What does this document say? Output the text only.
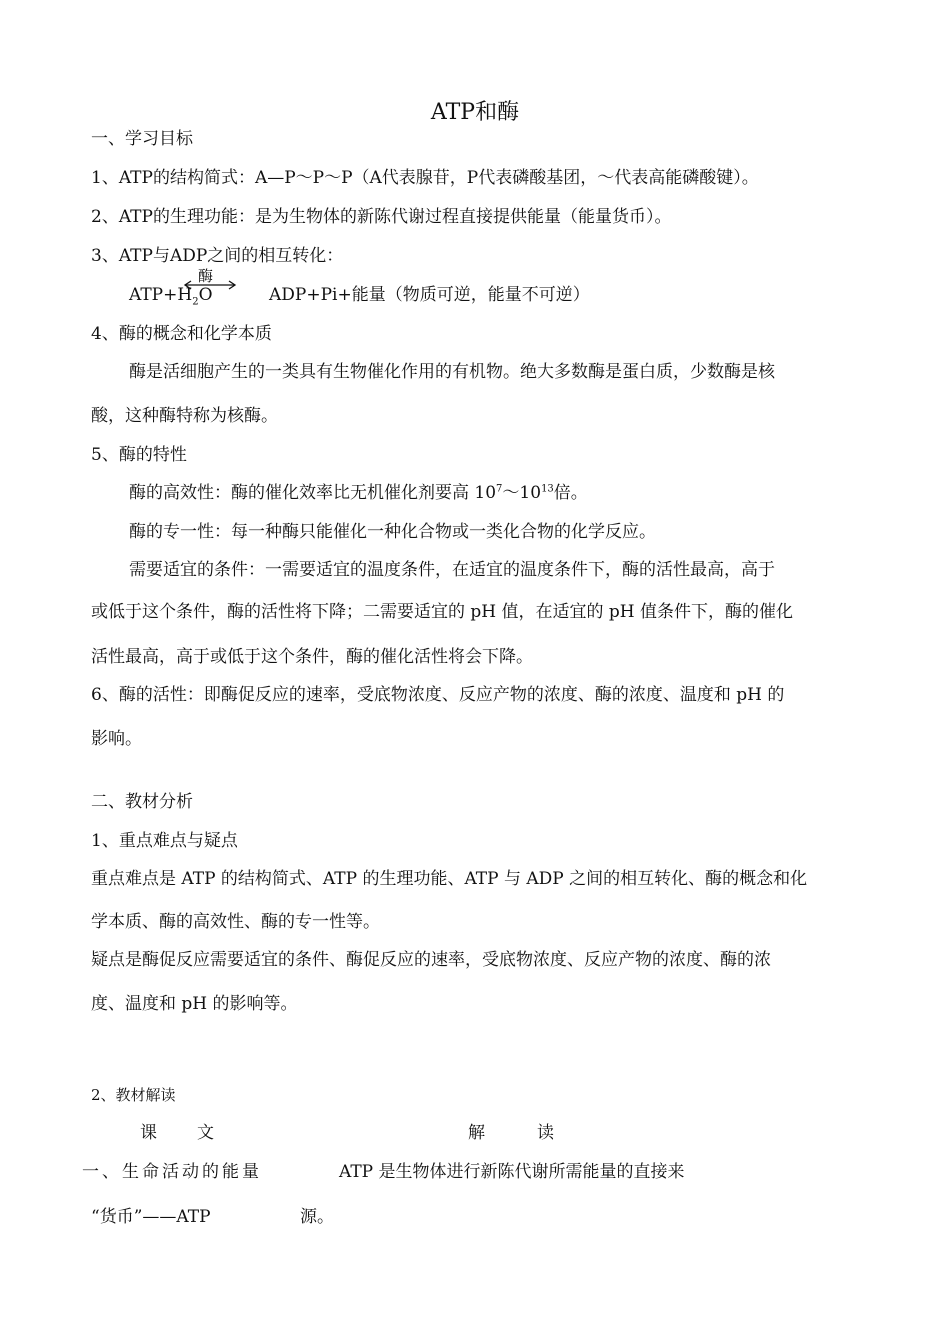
ATP和酶

一、学习目标

1、ATP的结构简式：A—P～P～P（A代表腺苷，P代表磷酸基团，～代表高能磷酸键）。

2、ATP的生理功能：是为生物体的新陈代谢过程直接提供能量（能量货币）。

3、ATP与ADP之间的相互转化：

$ATP+H_2O$

酶

ADP+Pi+能量（物质可逆，能量不可逆）

4、酶的概念和化学本质

酶是活细胞产生的一类具有生物催化作用的有机物。绝大多数酶是蛋白质，少数酶是核

酸，这种酶特称为核酶。

5、酶的特性

酶的高效性：酶的催化效率比无机催化剂要高 $10^7\sim 10^{13}$倍。

酶的专一性：每一种酶只能催化一种化合物或一类化合物的化学反应。

需要适宜的条件：一需要适宜的温度条件，在适宜的温度条件下，酶的活性最高，高于

或低于这个条件，酶的活性将下降；二需要适宜的 pH 值，在适宜的 pH 值条件下，酶的催化

活性最高，高于或低于这个条件，酶的催化活性将会下降。

6、酶的活性：即酶促反应的速率，受底物浓度、反应产物的浓度、酶的浓度、温度和 pH 的

影响。

二、教材分析

1、重点难点与疑点

重点难点是 ATP 的结构简式、ATP 的生理功能、ATP 与 ADP 之间的相互转化、酶的概念和化

学本质、酶的高效性、酶的专一性等。

疑点是酶促反应需要适宜的条件、酶促反应的速率，受底物浓度、反应产物的浓度、酶的浓

度、温度和 pH 的影响等。

2、教材解读

课　　文	解　　读
一、生命活动的能量	ATP 是生物体进行新陈代谢所需能量的直接来
“货币”——ATP	源。
